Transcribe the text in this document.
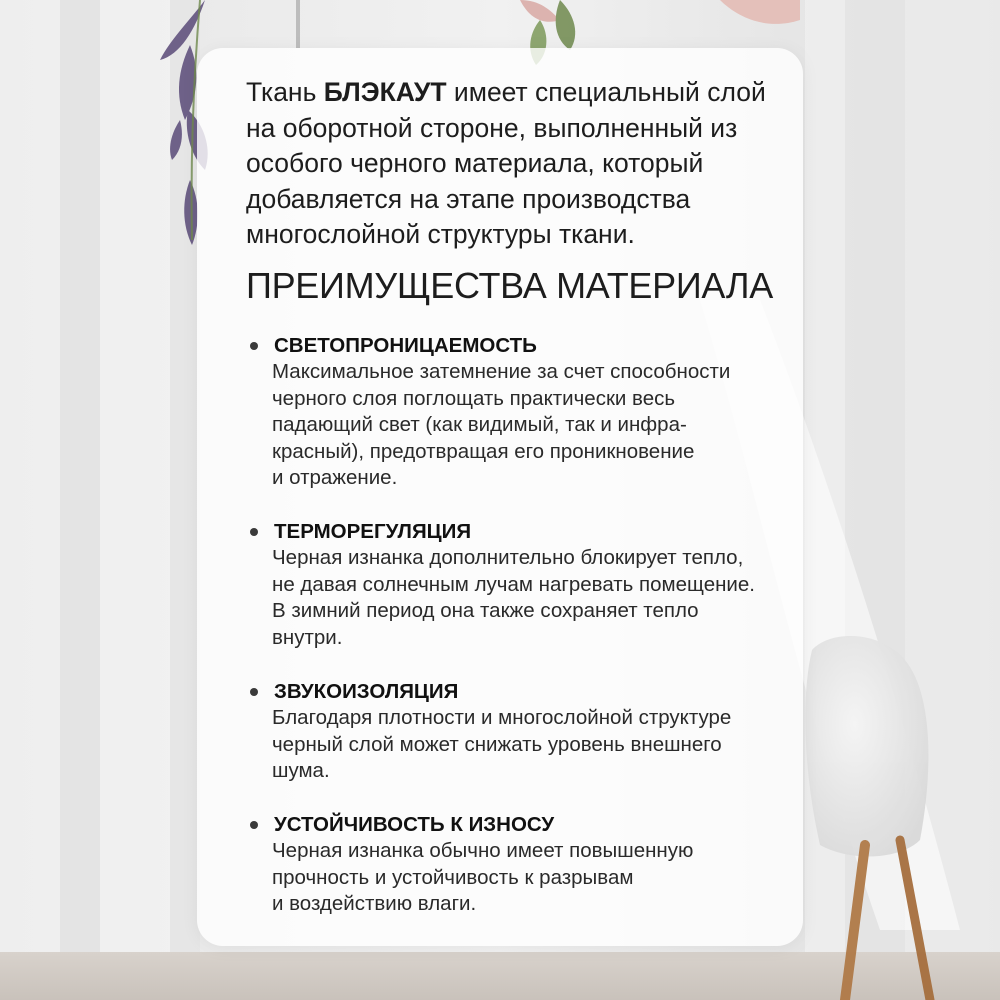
Ткань БЛЭКАУТ имеет специальный слой на оборотной стороне, выполненный из особого черного материала, который добавляется на этапе производства многослойной структуры ткани.
ПРЕИМУЩЕСТВА МАТЕРИАЛА
СВЕТОПРОНИЦАЕМОСТЬ
Максимальное затемнение за счет способности
черного слоя поглощать практически весь
падающий свет (как видимый, так и инфра-
красный), предотвращая его проникновение
и отражение.
ТЕРМОРЕГУЛЯЦИЯ
Черная изнанка дополнительно блокирует тепло,
не давая солнечным лучам нагревать помещение.
В зимний период она также сохраняет тепло
внутри.
ЗВУКОИЗОЛЯЦИЯ
Благодаря плотности и многослойной структуре
черный слой может снижать уровень внешнего
шума.
УСТОЙЧИВОСТЬ К ИЗНОСУ
Черная изнанка обычно имеет повышенную
прочность и устойчивость к разрывам
и воздействию влаги.
